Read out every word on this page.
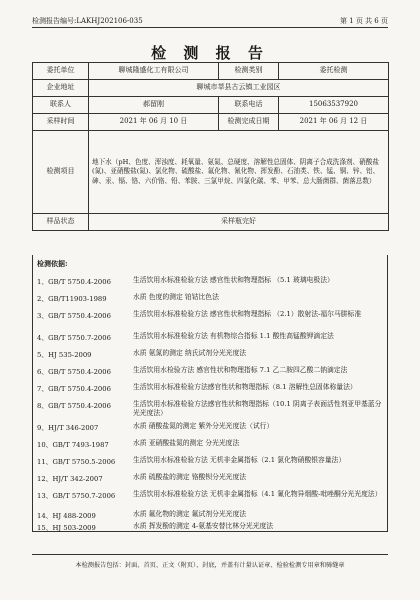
检测报告编号:LAKHJ202106-035	第 1 页 共 6 页
检 测 报 告
委托单位	聊城隆盛化工有限公司	检测类别	委托检测
企业地址	聊城市莘县古云镇工业园区		
联系人	郝留刚	联系电话	15063537920
采样时间	2021 年 06 月 10 日	检测完成日期	2021 年 06 月 12 日
检测项目	地下水（pH、色度、浑浊度、耗氧量、氨氮、总硬度、溶解性总固体、阴离子合成洗涤剂、硝酸盐(氮)、亚硝酸盐(氮)、氯化物、硫酸盐、氟化物、氰化物、挥发酚、石油类、铁、锰、铜、锌、铝、砷、汞、镉、铬、六价铬、铅、苯胺、三氯甲烷、四氯化碳、苯、甲苯、总大肠菌群、菌落总数）		
样品状态	采样瓶完好		
检测依据:
1、GB/T 5750.4-2006	生活饮用水标准检验方法 感官性状和物理指标 （5.1 玻璃电极法）
2、GB/T11903-1989	水质 色度的测定 铂钴比色法
3、GB/T 5750.4-2006	生活饮用水标准检验方法 感官性状和物理指标 （2.1）散射法-福尔马肼标准
4、GB/T 5750.7-2006	生活饮用水标准检验方法 有机物综合指标 1.1 酸性高锰酸钾滴定法
5、HJ 535-2009	水质 氨氮的测定 纳氏试剂分光光度法
6、GB/T 5750.4-2006	生活饮用水检验方法 感官性状和物理指标 7.1 乙二胺四乙酸二钠滴定法
7、GB/T 5750.4-2006	生活饮用水标准检验方法感官性状和物理指标（8.1 溶解性总固体称量法）
8、GB/T 5750.4-2006	生活饮用水标准检验方法感官性状和物理指标（10.1 阴离子表面活性剂亚甲基蓝分光光度法）
9、HJ/T 346-2007	水质 硝酸盐氮的测定 紫外分光光度法（试行）
10、GB/T 7493-1987	水质 亚硝酸盐氮的测定 分光光度法
11、GB/T 5750.5-2006	生活饮用水标准检验方法 无机非金属指标（2.1 氯化物硝酸银容量法）
12、HJ/T 342-2007	水质 硫酸盐的测定 铬酸钡分光光度法
13、GB/T 5750.7-2006	生活饮用水标准检验方法 无机非金属指标（4.1 氰化物异烟酸-吡唑酮分光光度法）
14、HJ 488-2009	水质 氟化物的测定 氟试剂分光光度法
15、HJ 503-2009	水质 挥发酚的测定 4-氨基安替比林分光光度法
本检测报告包括：封面、首页、正文（附页）、封底，并盖有计量认证章、检验检测专用章和骑缝章
